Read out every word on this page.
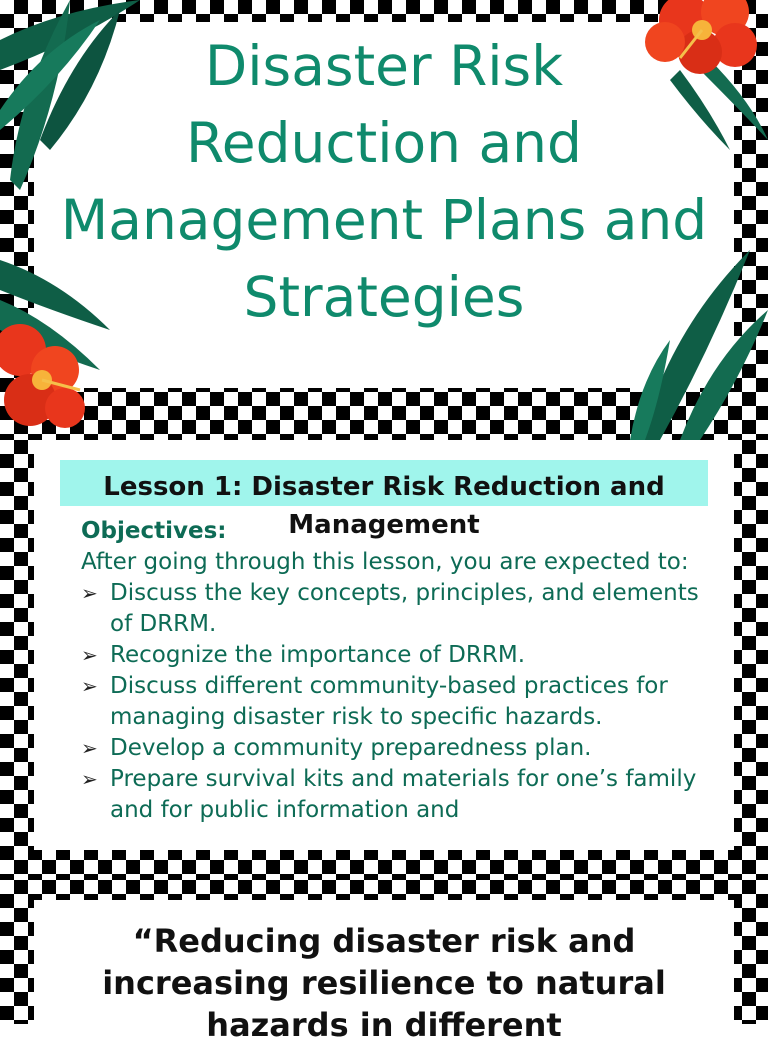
Disaster Risk Reduction and Management Plans and Strategies
Lesson 1: Disaster Risk Reduction and Management
Objectives:
After going through this lesson, you are expected to:
➢ Discuss the key concepts, principles, and elements of DRRM.
➢ Recognize the importance of DRRM.
➢ Discuss different community-based practices for managing disaster risk to specific hazards.
➢ Develop a community preparedness plan.
➢ Prepare survival kits and materials for one’s family and for public information and

“Reducing disaster risk and increasing resilience to natural hazards in different
